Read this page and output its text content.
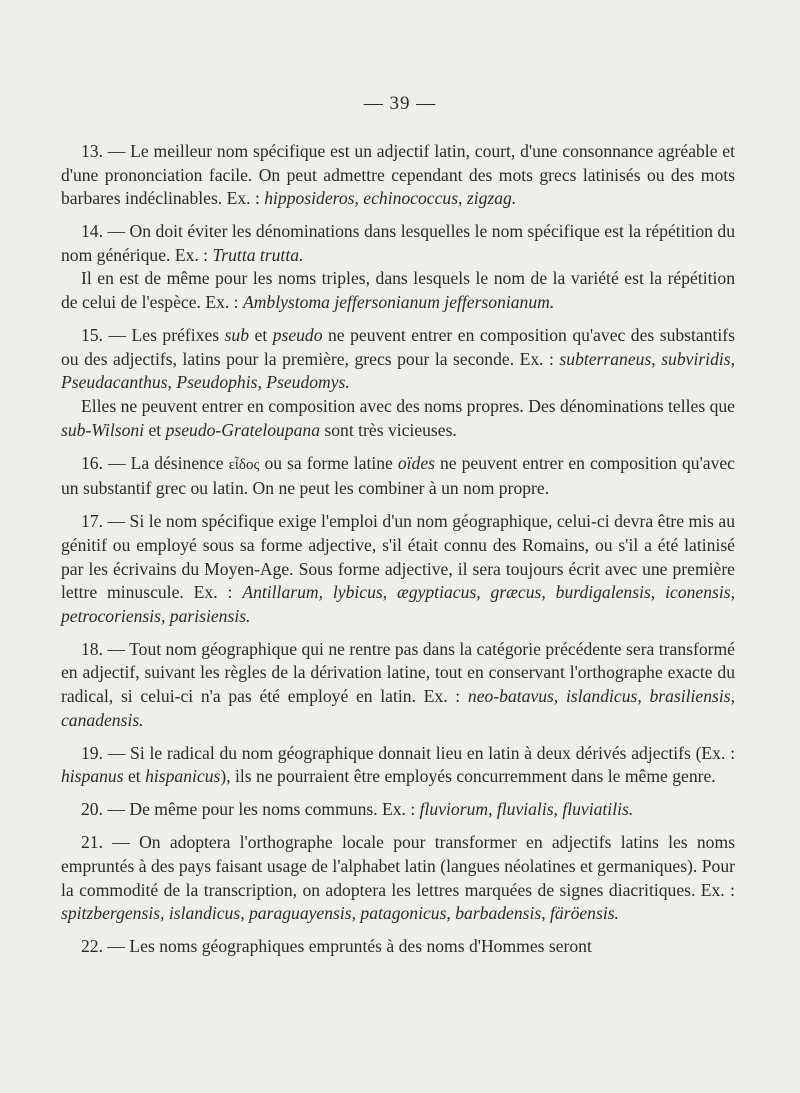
— 39 —

13. — Le meilleur nom spécifique est un adjectif latin, court, d'une consonnance agréable et d'une prononciation facile. On peut admettre cependant des mots grecs latinisés ou des mots barbares indéclinables. Ex. : hipposideros, echinococcus, zigzag.

14. — On doit éviter les dénominations dans lesquelles le nom spécifique est la répétition du nom générique. Ex. : Trutta trutta.

Il en est de même pour les noms triples, dans lesquels le nom de la variété est la répétition de celui de l'espèce. Ex. : Amblystoma jeffersonianum jeffersonianum.

15. — Les préfixes sub et pseudo ne peuvent entrer en composition qu'avec des substantifs ou des adjectifs, latins pour la première, grecs pour la seconde. Ex. : subterraneus, subviridis, Pseudacanthus, Pseudophis, Pseudomys.

Elles ne peuvent entrer en composition avec des noms propres. Des dénominations telles que sub-Wilsoni et pseudo-Grateloupana sont très vicieuses.

16. — La désinence εἶδος ou sa forme latine oïdes ne peuvent entrer en composition qu'avec un substantif grec ou latin. On ne peut les combiner à un nom propre.

17. — Si le nom spécifique exige l'emploi d'un nom géographique, celui-ci devra être mis au génitif ou employé sous sa forme adjective, s'il était connu des Romains, ou s'il a été latinisé par les écrivains du Moyen-Age. Sous forme adjective, il sera toujours écrit avec une première lettre minuscule. Ex. : Antillarum, lybicus, ægyptiacus, græcus, burdigalensis, iconensis, petrocoriensis, parisiensis.

18. — Tout nom géographique qui ne rentre pas dans la catégorie précédente sera transformé en adjectif, suivant les règles de la dérivation latine, tout en conservant l'orthographe exacte du radical, si celui-ci n'a pas été employé en latin. Ex. : neo-batavus, islandicus, brasiliensis, canadensis.

19. — Si le radical du nom géographique donnait lieu en latin à deux dérivés adjectifs (Ex. : hispanus et hispanicus), ils ne pourraient être employés concurremment dans le même genre.

20. — De même pour les noms communs. Ex. : fluviorum, fluvialis, fluviatilis.

21. — On adoptera l'orthographe locale pour transformer en adjectifs latins les noms empruntés à des pays faisant usage de l'alphabet latin (langues néolatines et germaniques). Pour la commodité de la transcription, on adoptera les lettres marquées de signes diacritiques. Ex. : spitzbergensis, islandicus, paraguayensis, patagonicus, barbadensis, färöensis.

22. — Les noms géographiques empruntés à des noms d'Hommes seront
